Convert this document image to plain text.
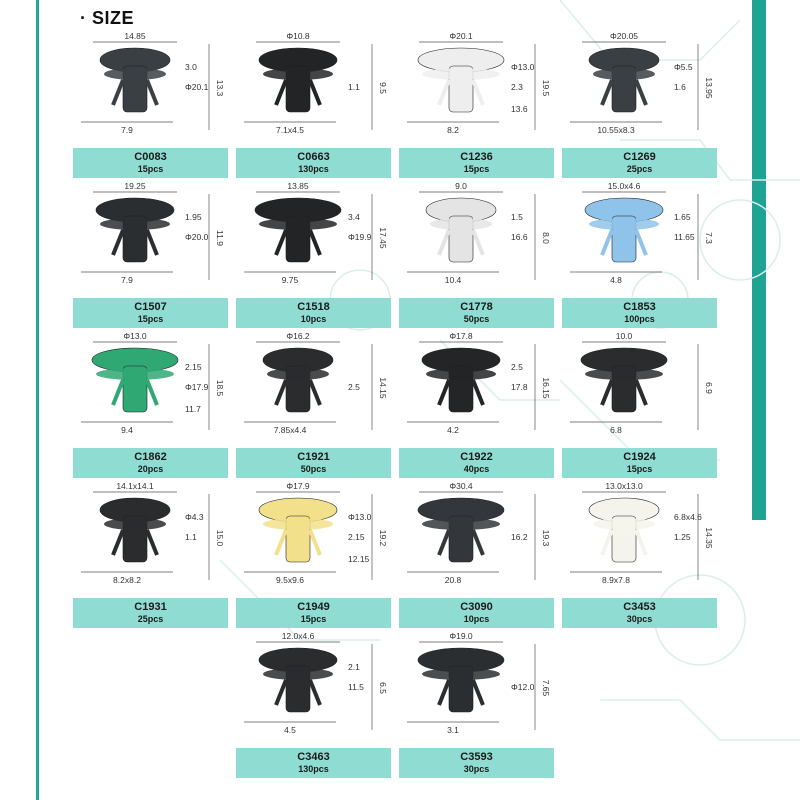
· SIZE
14.85
3.0
Φ20.1 13.3
7.9
C0083
15pcs
Φ10.8
1.1 9.5
7.1x4.5
C0663
130pcs
Φ20.1
Φ13.0
2.3 19.5
13.6
8.2
C1236
15pcs
Φ20.05
Φ5.5
1.6 13.95
10.55x8.3
C1269
25pcs
19.25
1.95
Φ20.0 11.9
7.9
C1507
15pcs
13.85
3.4
Φ19.9 17.45
9.75
C1518
10pcs
9.0
1.5
16.6 8.0
10.4
C1778
50pcs
15.0x4.6
1.65
11.65 7.3
4.8
C1853
100pcs
Φ13.0
2.15
Φ17.9 18.5
11.7
9.4
C1862
20pcs
Φ16.2
2.5 14.15
7.85x4.4
C1921
50pcs
Φ17.8
2.5
17.8 16.15
4.2
C1922
40pcs
10.0
6.9
6.8
C1924
15pcs
14.1x14.1
Φ4.3
1.1 15.0
8.2x8.2
C1931
25pcs
Φ17.9
Φ13.0
2.15 19.2
12.15
9.5x9.6
C1949
15pcs
Φ30.4
16.2 19.3
20.8
C3090
10pcs
13.0x13.0
6.8x4.6
1.25 14.35
8.9x7.8
C3453
30pcs
12.0x4.6
2.1
11.5 6.5
4.5
C3463
130pcs
Φ19.0
Φ12.0 7.65
3.1
C3593
30pcs
